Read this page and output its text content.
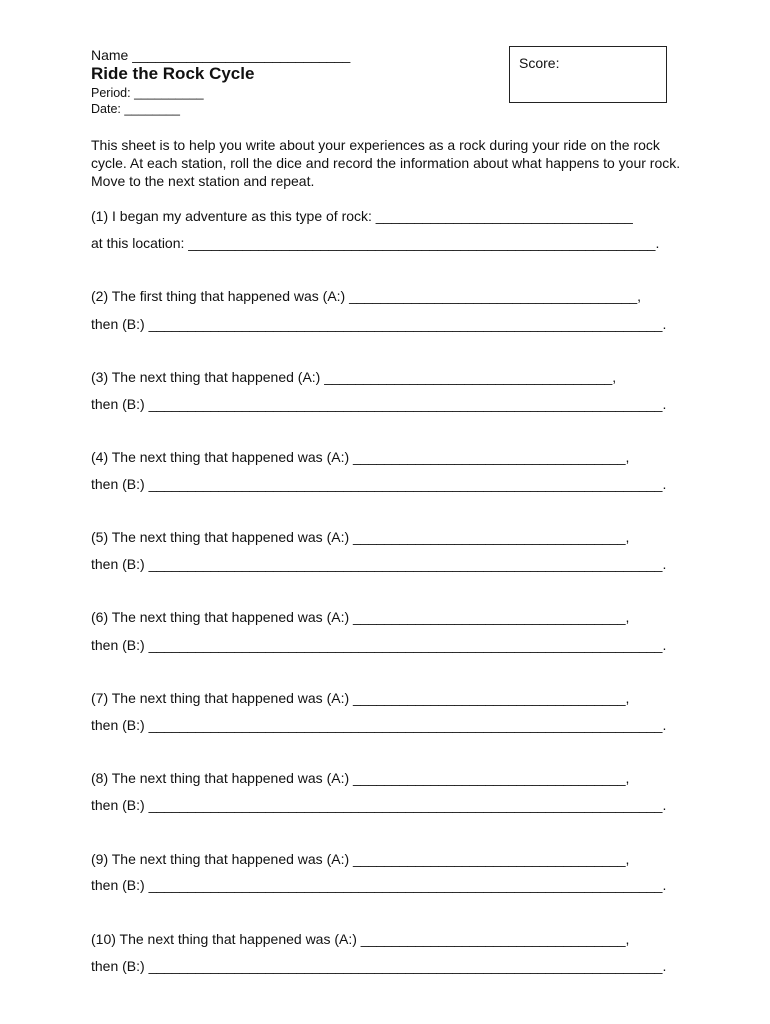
Name ____________________________
Ride the Rock Cycle
Period: __________
Date: ________
Score:

This sheet is to help you write about your experiences as a rock during your ride on the rock cycle. At each station, roll the dice and record the information about what happens to your rock. Move to the next station and repeat.

(1) I began my adventure as this type of rock: _________________________________

at this location: ____________________________________________________________.

(2) The first thing that happened was (A:) _____________________________________,

then (B:) __________________________________________________________________.

(3) The next thing that happened (A:) _____________________________________,

then (B:) __________________________________________________________________.

(4) The next thing that happened was (A:) ___________________________________,

then (B:) __________________________________________________________________.

(5) The next thing that happened was (A:) ___________________________________,

then (B:) __________________________________________________________________.

(6) The next thing that happened was (A:) ___________________________________,

then (B:) __________________________________________________________________.

(7) The next thing that happened was (A:) ___________________________________,

then (B:) __________________________________________________________________.

(8) The next thing that happened was (A:) ___________________________________,

then (B:) __________________________________________________________________.

(9) The next thing that happened was (A:) ___________________________________,

then (B:) __________________________________________________________________.

(10) The next thing that happened was (A:) __________________________________,

then (B:) __________________________________________________________________.
